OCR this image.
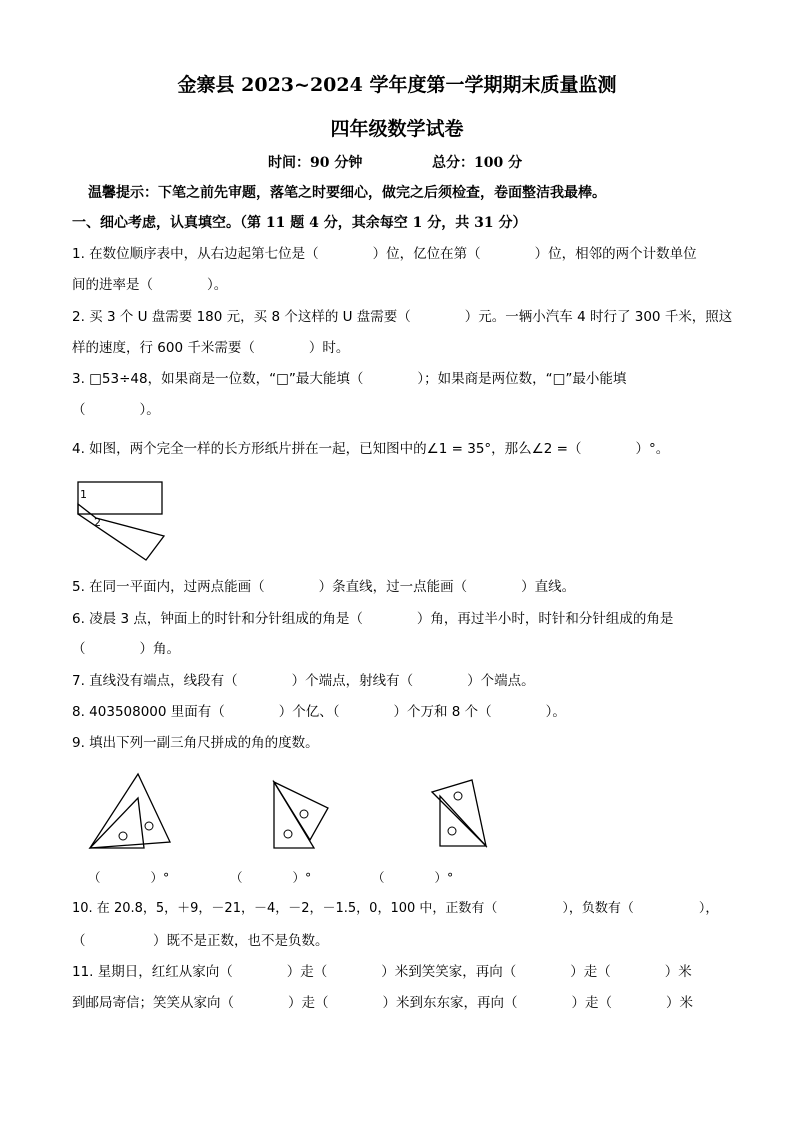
金寨县 2023~2024 学年度第一学期期末质量监测
四年级数学试卷
时间：90 分钟	总分：100 分
温馨提示：下笔之前先审题，落笔之时要细心，做完之后须检查，卷面整洁我最棒。
一、细心考虑，认真填空。（第 11 题 4 分，其余每空 1 分，共 31 分）
1. 在数位顺序表中，从右边起第七位是（　　　　）位，亿位在第（　　　　）位，相邻的两个计数单位
间的进率是（　　　　）。
2. 买 3 个 U 盘需要 180 元，买 8 个这样的 U 盘需要（　　　　）元。一辆小汽车 4 时行了 300 千米，照这
样的速度，行 600 千米需要（　　　　）时。
3. □53÷48，如果商是一位数，“□”最大能填（　　　　）；如果商是两位数，“□”最小能填
（　　　　）。
4. 如图，两个完全一样的长方形纸片拼在一起，已知图中的∠1 = 35°，那么∠2 =（　　　　）°。
1
2
5. 在同一平面内，过两点能画（　　　　）条直线，过一点能画（　　　　）直线。
6. 凌晨 3 点，钟面上的时针和分针组成的角是（　　　　）角，再过半小时，时针和分针组成的角是
（　　　　）角。
7. 直线没有端点，线段有（　　　　）个端点，射线有（　　　　）个端点。
8. 403508000 里面有（　　　　）个亿、（　　　　）个万和 8 个（　　　　）。
9. 填出下列一副三角尺拼成的角的度数。
（　　　　）°	（　　　　）°	（　　　　）°
10. 在 20.8，5，＋9，－21，－4，－2，－1.5，0，100 中，正数有（　　　　　），负数有（　　　　　），
（　　　　　）既不是正数，也不是负数。
11. 星期日，红红从家向（　　　　）走（　　　　）米到笑笑家，再向（　　　　）走（　　　　）米
到邮局寄信；笑笑从家向（　　　　）走（　　　　）米到东东家，再向（　　　　）走（　　　　）米
